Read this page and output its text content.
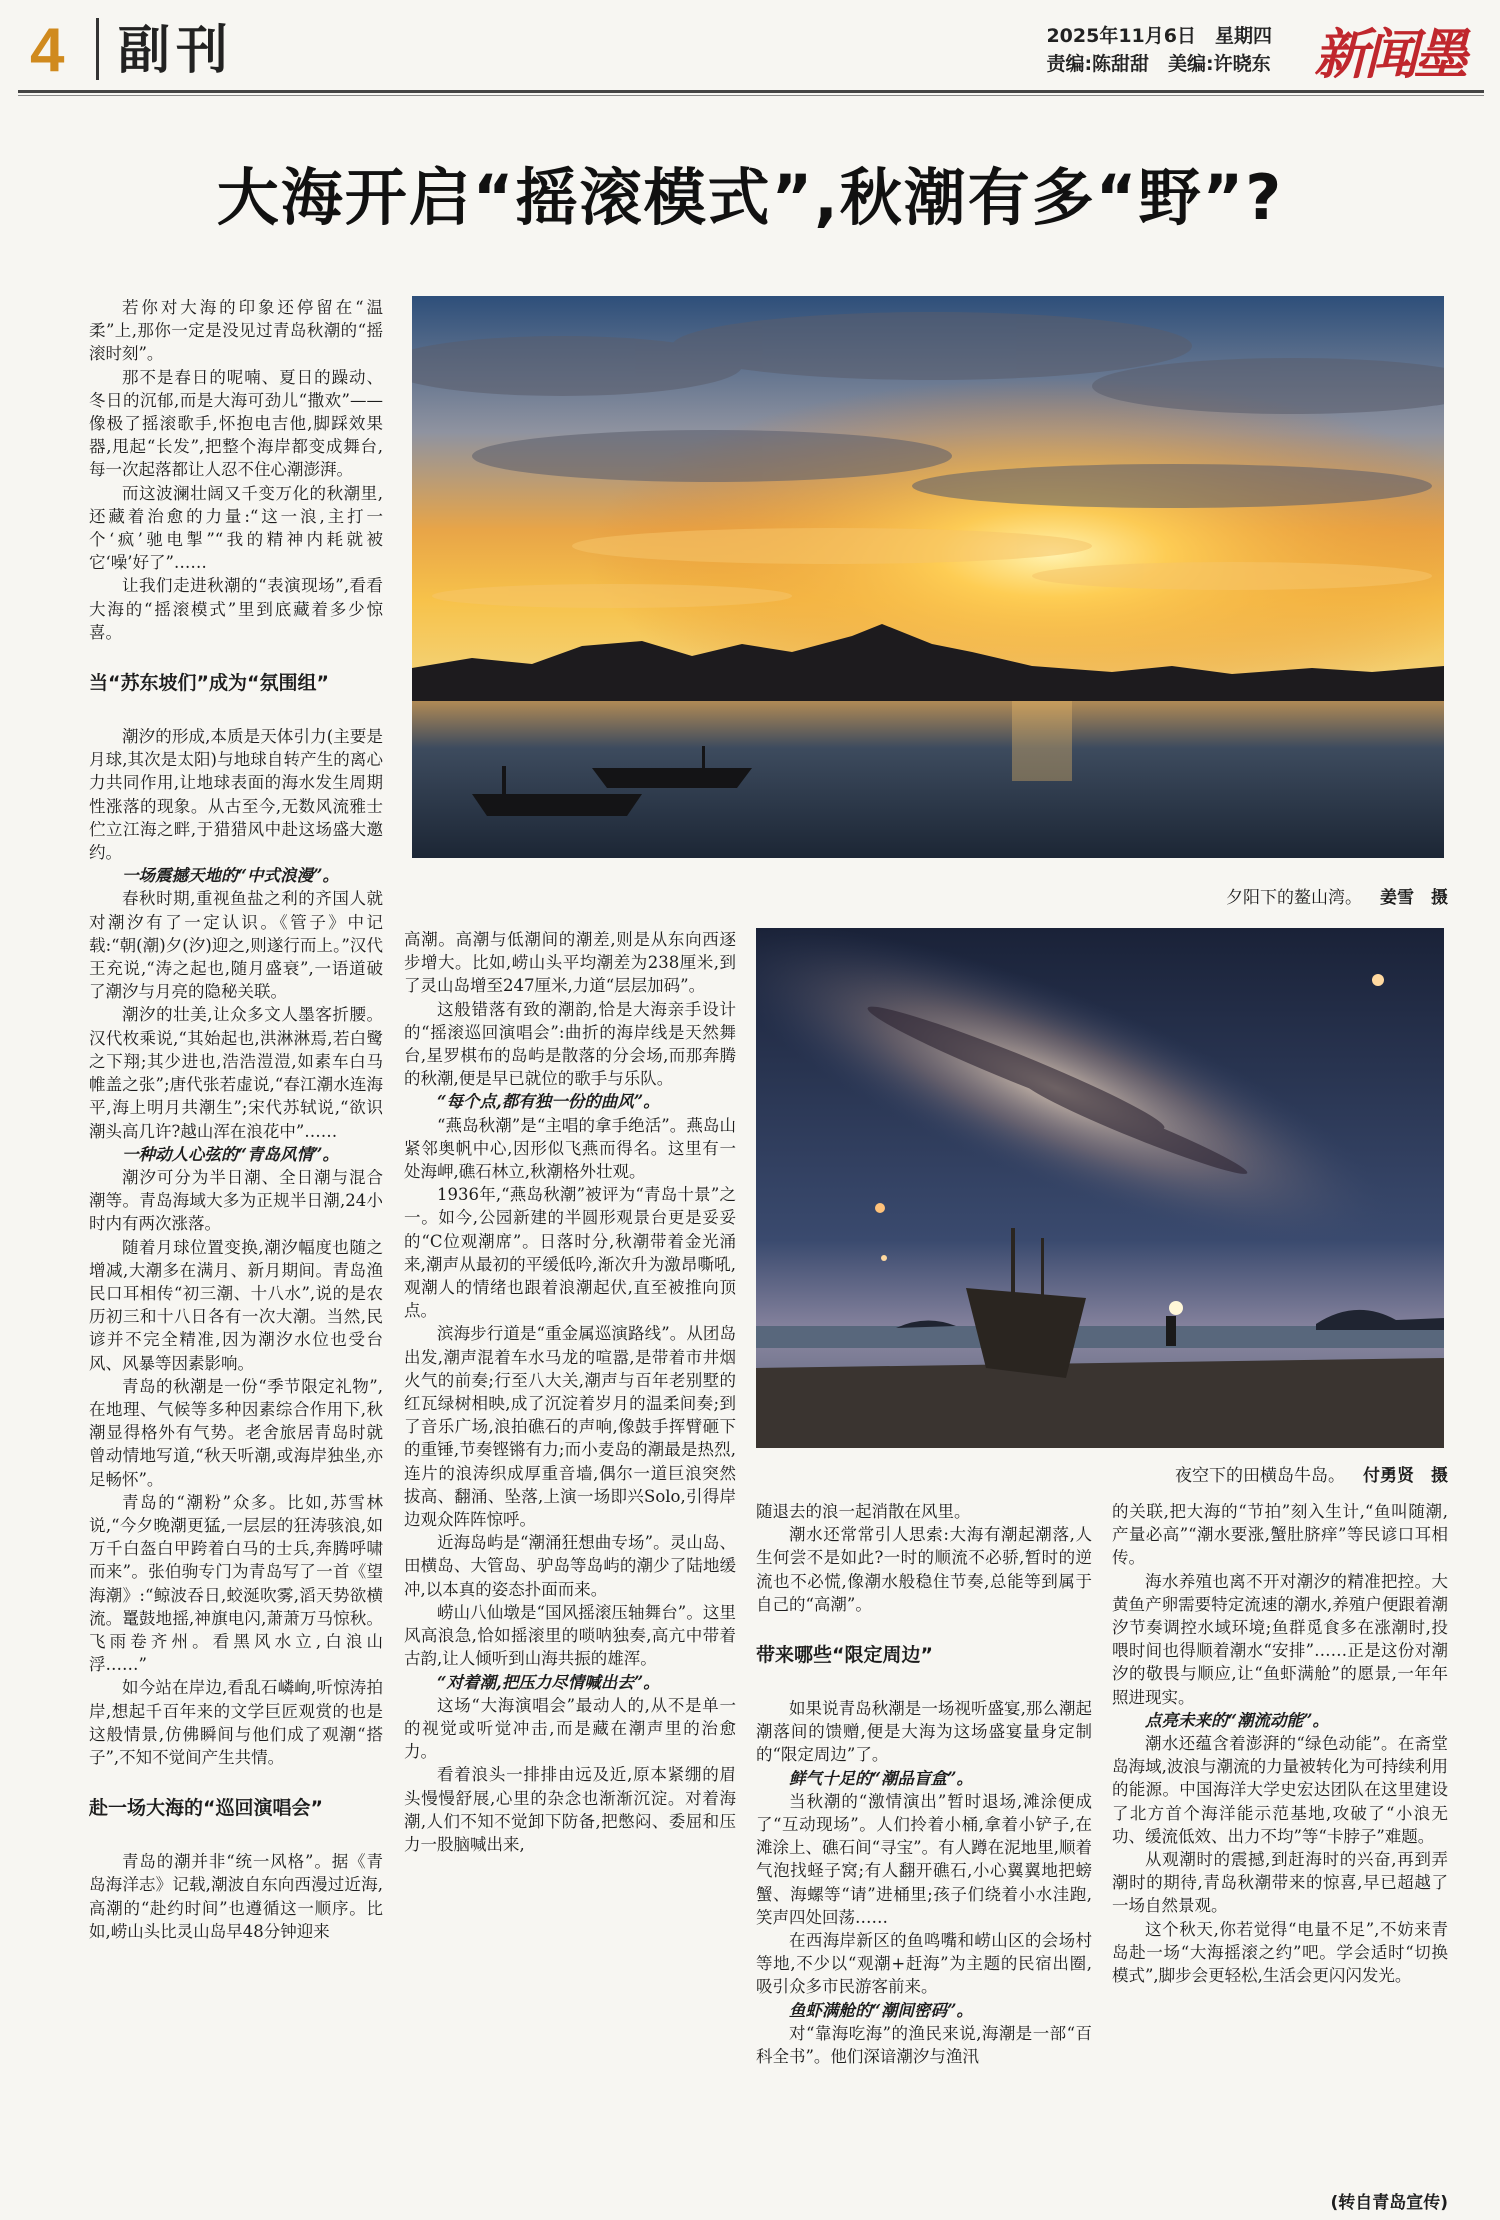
4 副刊	2025年11月6日　星期四
责编:陈甜甜　美编:许晓东 新闻墨
大海开启“摇滚模式”,秋潮有多“野”?
夕阳下的鳌山湾。 姜雪　摄
夜空下的田横岛牛岛。 付勇贤　摄

若你对大海的印象还停留在“温柔”上,那你一定是没见过青岛秋潮的“摇滚时刻”。

那不是春日的呢喃、夏日的躁动、冬日的沉郁,而是大海可劲儿“撒欢”——像极了摇滚歌手,怀抱电吉他,脚踩效果器,甩起“长发”,把整个海岸都变成舞台,每一次起落都让人忍不住心潮澎湃。

而这波澜壮阔又千变万化的秋潮里,还藏着治愈的力量:“这一浪,主打一个‘疯’驰电掣”“我的精神内耗就被它‘噪’好了”……

让我们走进秋潮的“表演现场”,看看大海的“摇滚模式”里到底藏着多少惊喜。

当“苏东坡们”成为“氛围组”

潮汐的形成,本质是天体引力(主要是月球,其次是太阳)与地球自转产生的离心力共同作用,让地球表面的海水发生周期性涨落的现象。从古至今,无数风流雅士伫立江海之畔,于猎猎风中赴这场盛大邀约。

一场震撼天地的“中式浪漫”。

春秋时期,重视鱼盐之利的齐国人就对潮汐有了一定认识。《管子》中记载:“朝(潮)夕(汐)迎之,则遂行而上。”汉代王充说,“涛之起也,随月盛衰”,一语道破了潮汐与月亮的隐秘关联。

潮汐的壮美,让众多文人墨客折腰。汉代枚乘说,“其始起也,洪淋淋焉,若白鹭之下翔;其少进也,浩浩溰溰,如素车白马帷盖之张”;唐代张若虚说,“春江潮水连海平,海上明月共潮生”;宋代苏轼说,“欲识潮头高几许?越山浑在浪花中”……

一种动人心弦的“青岛风情”。

潮汐可分为半日潮、全日潮与混合潮等。青岛海域大多为正规半日潮,24小时内有两次涨落。

随着月球位置变换,潮汐幅度也随之增减,大潮多在满月、新月期间。青岛渔民口耳相传“初三潮、十八水”,说的是农历初三和十八日各有一次大潮。当然,民谚并不完全精准,因为潮汐水位也受台风、风暴等因素影响。

青岛的秋潮是一份“季节限定礼物”,在地理、气候等多种因素综合作用下,秋潮显得格外有气势。老舍旅居青岛时就曾动情地写道,“秋天听潮,或海岸独坐,亦足畅怀”。

青岛的“潮粉”众多。比如,苏雪林说,“今夕晚潮更猛,一层层的狂涛骇浪,如万千白盔白甲跨着白马的士兵,奔腾呼啸而来”。张伯驹专门为青岛写了一首《望海潮》:“鲸波吞日,蛟涎吹雾,滔天势欲横流。鼍鼓地摇,神旗电闪,萧萧万马惊秋。飞雨卷齐州。看黑风水立,白浪山浮……”

如今站在岸边,看乱石嶙峋,听惊涛拍岸,想起千百年来的文学巨匠观赏的也是这般情景,仿佛瞬间与他们成了观潮“搭子”,不知不觉间产生共情。

赴一场大海的“巡回演唱会”

青岛的潮并非“统一风格”。据《青岛海洋志》记载,潮波自东向西漫过近海,高潮的“赴约时间”也遵循这一顺序。比如,崂山头比灵山岛早48分钟迎来

高潮。高潮与低潮间的潮差,则是从东向西逐步增大。比如,崂山头平均潮差为238厘米,到了灵山岛增至247厘米,力道“层层加码”。

这般错落有致的潮韵,恰是大海亲手设计的“摇滚巡回演唱会”:曲折的海岸线是天然舞台,星罗棋布的岛屿是散落的分会场,而那奔腾的秋潮,便是早已就位的歌手与乐队。

“每个点,都有独一份的曲风”。

“燕岛秋潮”是“主唱的拿手绝活”。燕岛山紧邻奥帆中心,因形似飞燕而得名。这里有一处海岬,礁石林立,秋潮格外壮观。

1936年,“燕岛秋潮”被评为“青岛十景”之一。如今,公园新建的半圆形观景台更是妥妥的“C位观潮席”。日落时分,秋潮带着金光涌来,潮声从最初的平缓低吟,渐次升为激昂嘶吼,观潮人的情绪也跟着浪潮起伏,直至被推向顶点。

滨海步行道是“重金属巡演路线”。从团岛出发,潮声混着车水马龙的喧嚣,是带着市井烟火气的前奏;行至八大关,潮声与百年老别墅的红瓦绿树相映,成了沉淀着岁月的温柔间奏;到了音乐广场,浪拍礁石的声响,像鼓手挥臂砸下的重锤,节奏铿锵有力;而小麦岛的潮最是热烈,连片的浪涛织成厚重音墙,偶尔一道巨浪突然拔高、翻涌、坠落,上演一场即兴Solo,引得岸边观众阵阵惊呼。

近海岛屿是“潮涌狂想曲专场”。灵山岛、田横岛、大管岛、驴岛等岛屿的潮少了陆地缓冲,以本真的姿态扑面而来。

崂山八仙墩是“国风摇滚压轴舞台”。这里风高浪急,恰如摇滚里的唢呐独奏,高亢中带着古韵,让人倾听到山海共振的雄浑。

“对着潮,把压力尽情喊出去”。

这场“大海演唱会”最动人的,从不是单一的视觉或听觉冲击,而是藏在潮声里的治愈力。

看着浪头一排排由远及近,原本紧绷的眉头慢慢舒展,心里的杂念也渐渐沉淀。对着海潮,人们不知不觉卸下防备,把憋闷、委屈和压力一股脑喊出来,

随退去的浪一起消散在风里。

潮水还常常引人思索:大海有潮起潮落,人生何尝不是如此?一时的顺流不必骄,暂时的逆流也不必慌,像潮水般稳住节奏,总能等到属于自己的“高潮”。

带来哪些“限定周边”

如果说青岛秋潮是一场视听盛宴,那么潮起潮落间的馈赠,便是大海为这场盛宴量身定制的“限定周边”了。

鲜气十足的“潮品盲盒”。

当秋潮的“激情演出”暂时退场,滩涂便成了“互动现场”。人们拎着小桶,拿着小铲子,在滩涂上、礁石间“寻宝”。有人蹲在泥地里,顺着气泡找蛏子窝;有人翻开礁石,小心翼翼地把螃蟹、海螺等“请”进桶里;孩子们绕着小水洼跑,笑声四处回荡……

在西海岸新区的鱼鸣嘴和崂山区的会场村等地,不少以“观潮+赶海”为主题的民宿出圈,吸引众多市民游客前来。

鱼虾满舱的“潮间密码”。

对“靠海吃海”的渔民来说,海潮是一部“百科全书”。他们深谙潮汐与渔汛

的关联,把大海的“节拍”刻入生计,“鱼叫随潮,产量必高”“潮水要涨,蟹肚脐痒”等民谚口耳相传。

海水养殖也离不开对潮汐的精准把控。大黄鱼产卵需要特定流速的潮水,养殖户便跟着潮汐节奏调控水域环境;鱼群觅食多在涨潮时,投喂时间也得顺着潮水“安排”……正是这份对潮汐的敬畏与顺应,让“鱼虾满舱”的愿景,一年年照进现实。

点亮未来的“潮流动能”。

潮水还蕴含着澎湃的“绿色动能”。在斋堂岛海域,波浪与潮流的力量被转化为可持续利用的能源。中国海洋大学史宏达团队在这里建设了北方首个海洋能示范基地,攻破了“小浪无功、缓流低效、出力不均”等“卡脖子”难题。

从观潮时的震撼,到赶海时的兴奋,再到弄潮时的期待,青岛秋潮带来的惊喜,早已超越了一场自然景观。

这个秋天,你若觉得“电量不足”,不妨来青岛赴一场“大海摇滚之约”吧。学会适时“切换模式”,脚步会更轻松,生活会更闪闪发光。

(转自青岛宣传)
